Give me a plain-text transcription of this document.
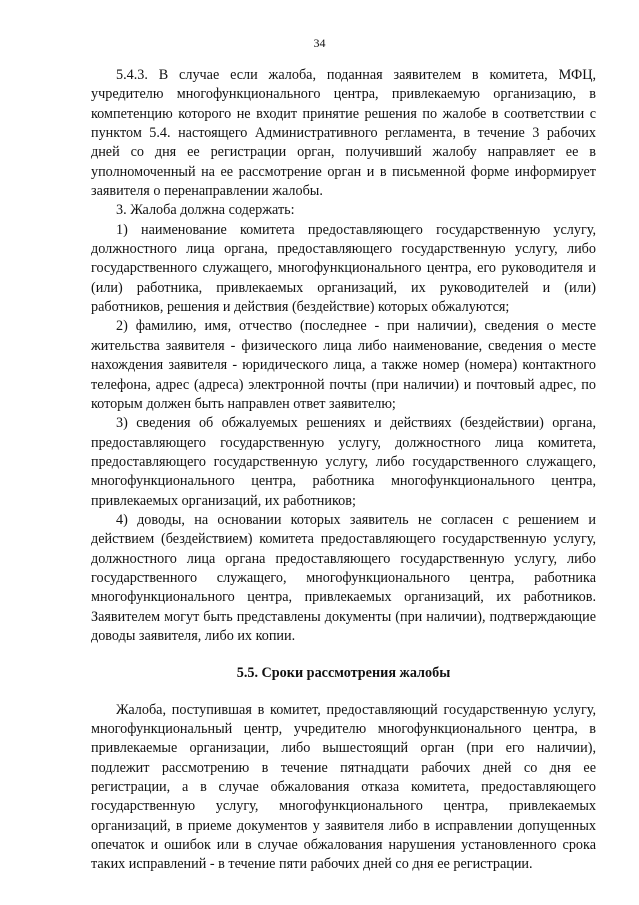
34

5.4.3. В случае если жалоба, поданная заявителем в комитета, МФЦ, учредителю многофункционального центра, привлекаемую организацию, в компетенцию которого не входит принятие решения по жалобе в соответствии с пунктом 5.4. настоящего Административного регламента, в течение 3 рабочих дней со дня ее регистрации орган, получивший жалобу направляет ее в уполномоченный на ее рассмотрение орган и в письменной форме информирует заявителя о перенаправлении жалобы.

3. Жалоба должна содержать:

1) наименование комитета предоставляющего государственную услугу, должностного лица органа, предоставляющего государственную услугу, либо государственного служащего, многофункционального центра, его руководителя и (или) работника, привлекаемых организаций, их руководителей и (или) работников, решения и действия (бездействие) которых обжалуются;

2) фамилию, имя, отчество (последнее - при наличии), сведения о месте жительства заявителя - физического лица либо наименование, сведения о месте нахождения заявителя - юридического лица, а также номер (номера) контактного телефона, адрес (адреса) электронной почты (при наличии) и почтовый адрес, по которым должен быть направлен ответ заявителю;

3) сведения об обжалуемых решениях и действиях (бездействии) органа, предоставляющего государственную услугу, должностного лица комитета, предоставляющего государственную услугу, либо государственного служащего, многофункционального центра, работника многофункционального центра, привлекаемых организаций, их работников;

4) доводы, на основании которых заявитель не согласен с решением и действием (бездействием) комитета предоставляющего государственную услугу, должностного лица органа предоставляющего государственную услугу, либо государственного служащего, многофункционального центра, работника многофункционального центра, привлекаемых организаций, их работников. Заявителем могут быть представлены документы (при наличии), подтверждающие доводы заявителя, либо их копии.

5.5. Сроки рассмотрения жалобы

Жалоба, поступившая в комитет, предоставляющий государственную услугу, многофункциональный центр, учредителю многофункционального центра, в привлекаемые организации, либо вышестоящий орган (при его наличии), подлежит рассмотрению в течение пятнадцати рабочих дней со дня ее регистрации, а в случае обжалования отказа комитета, предоставляющего государственную услугу, многофункционального центра, привлекаемых организаций, в приеме документов у заявителя либо в исправлении допущенных опечаток и ошибок или в случае обжалования нарушения установленного срока таких исправлений - в течение пяти рабочих дней со дня ее регистрации.
